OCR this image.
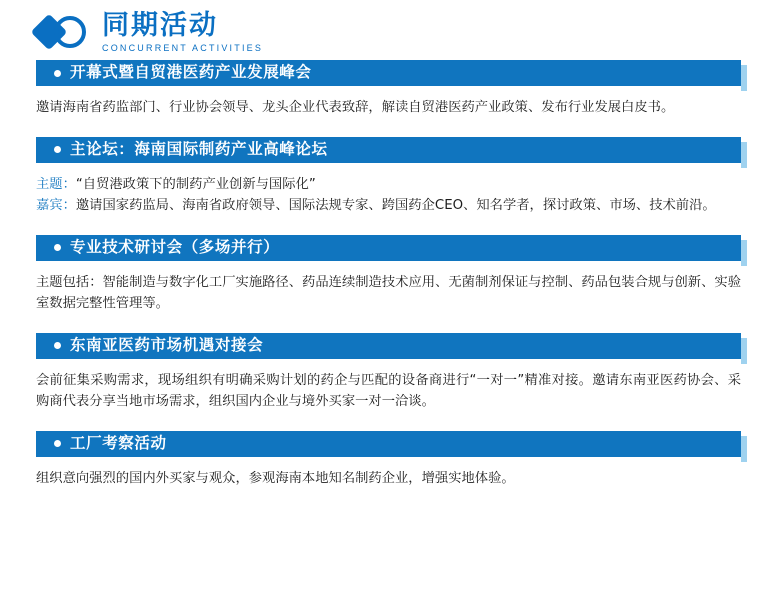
同期活动
CONCURRENT ACTIVITIES
开幕式暨自贸港医药产业发展峰会
邀请海南省药监部门、行业协会领导、龙头企业代表致辞，解读自贸港医药产业政策、发布行业发展白皮书。
主论坛：海南国际制药产业高峰论坛
主题：“自贸港政策下的制药产业创新与国际化”
嘉宾：邀请国家药监局、海南省政府领导、国际法规专家、跨国药企CEO、知名学者，探讨政策、市场、技术前沿。
专业技术研讨会（多场并行）
主题包括：智能制造与数字化工厂实施路径、药品连续制造技术应用、无菌制剂保证与控制、药品包装合规与创新、实验室数据完整性管理等。
东南亚医药市场机遇对接会
会前征集采购需求，现场组织有明确采购计划的药企与匹配的设备商进行“一对一”精准对接。邀请东南亚医药协会、采购商代表分享当地市场需求，组织国内企业与境外买家一对一洽谈。
工厂考察活动
组织意向强烈的国内外买家与观众，参观海南本地知名制药企业，增强实地体验。
